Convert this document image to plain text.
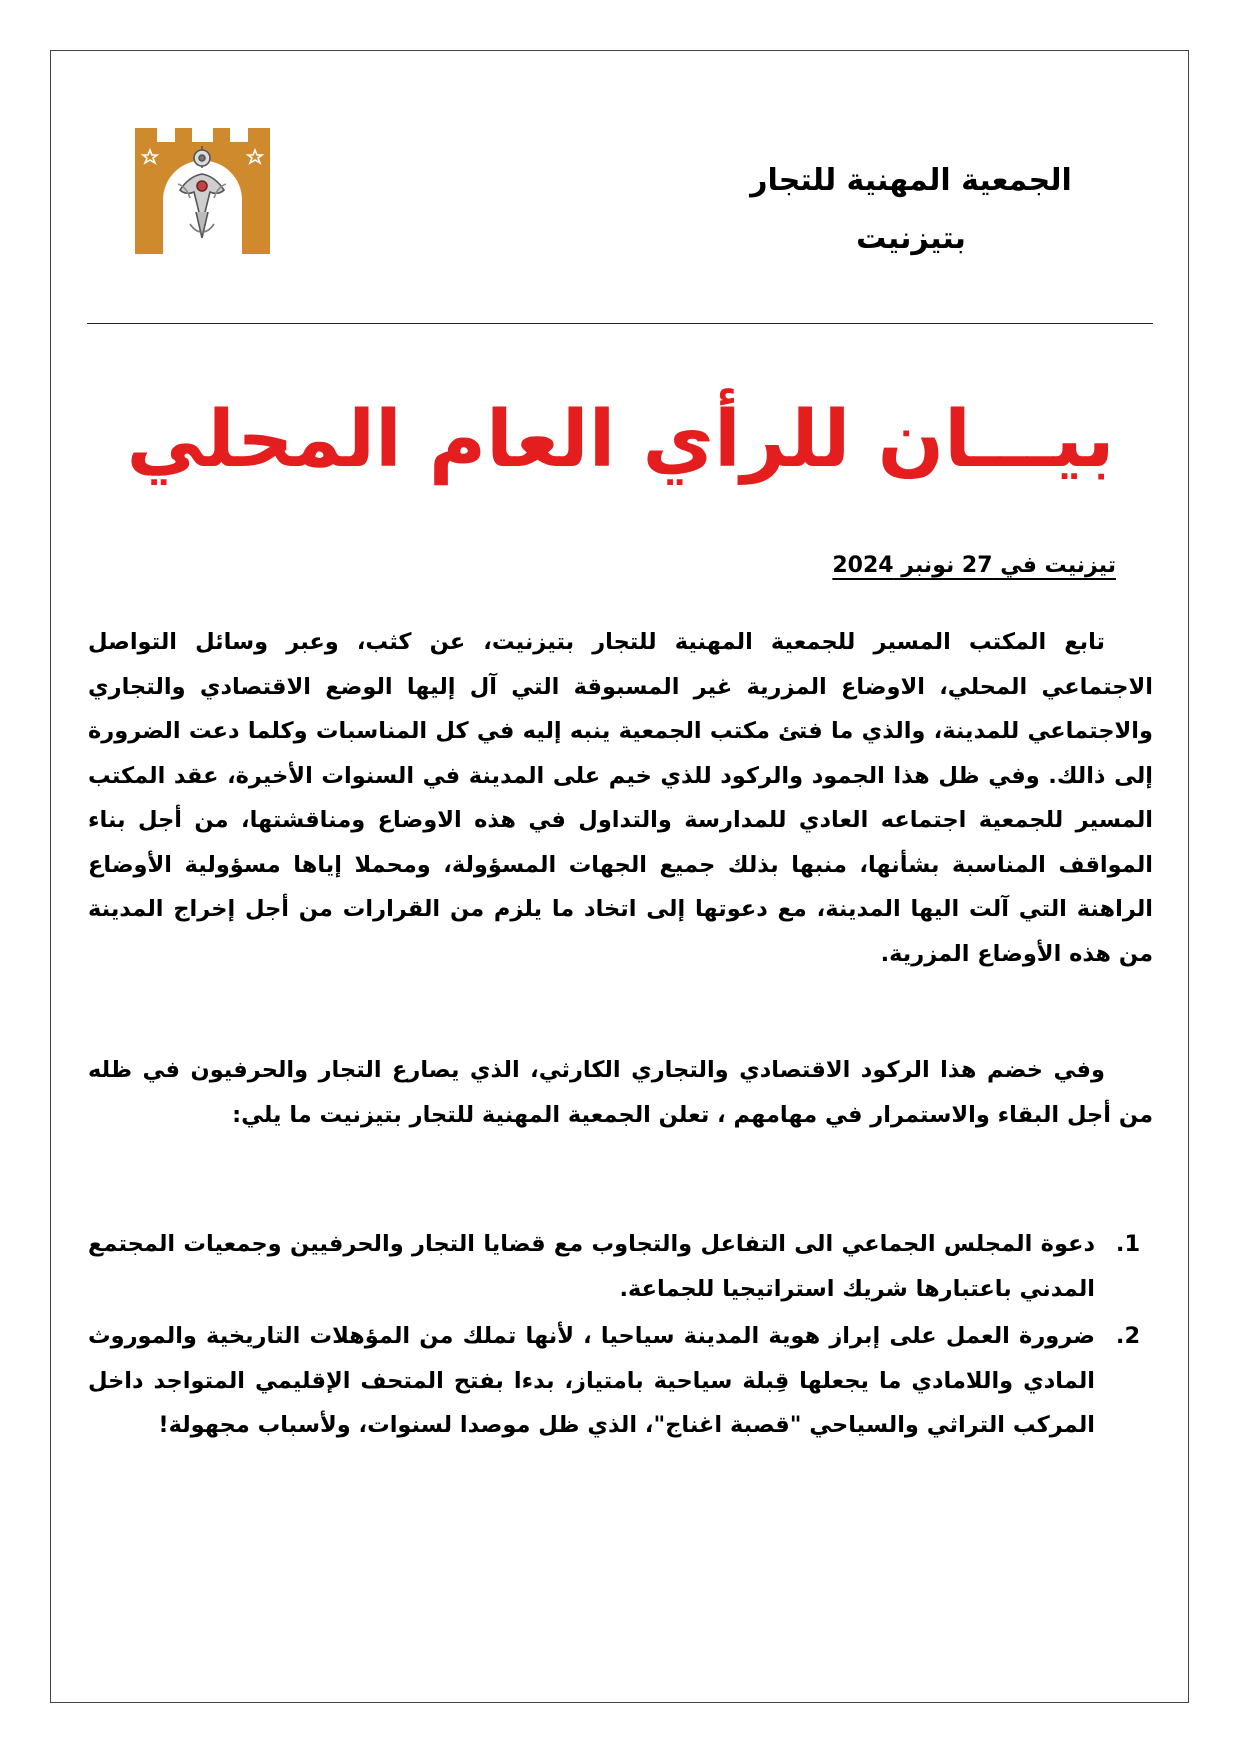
الجمعية المهنية للتجار
بتيزنيت
بيـــان للرأي العام المحلي
تيزنيت في 27 نونبر 2024
تابع المكتب المسير للجمعية المهنية للتجار بتيزنيت، عن كثب، وعبر وسائل التواصل الاجتماعي المحلي، الاوضاع المزرية غير المسبوقة التي آل إليها الوضع الاقتصادي والتجاري والاجتماعي للمدينة، والذي ما فتئ مكتب الجمعية ينبه إليه في كل المناسبات وكلما دعت الضرورة إلى ذالك. وفي ظل هذا الجمود والركود للذي خيم على المدينة في السنوات الأخيرة، عقد المكتب المسير للجمعية اجتماعه العادي للمدارسة والتداول في هذه الاوضاع ومناقشتها، من أجل بناء المواقف المناسبة بشأنها، منبها بذلك جميع الجهات المسؤولة، ومحملا إياها مسؤولية الأوضاع الراهنة التي آلت اليها المدينة، مع دعوتها إلى اتخاد ما يلزم من القرارات من أجل إخراج المدينة من هذه الأوضاع المزرية.
وفي خضم هذا الركود الاقتصادي والتجاري الكارثي، الذي يصارع التجار والحرفيون في ظله من أجل البقاء والاستمرار في مهامهم ، تعلن الجمعية المهنية للتجار بتيزنيت ما يلي:
1.
دعوة المجلس الجماعي الى التفاعل والتجاوب مع قضايا التجار والحرفيين وجمعيات المجتمع المدني باعتبارها شريك استراتيجيا للجماعة.
2.
ضرورة العمل على إبراز هوية المدينة سياحيا ، لأنها تملك من المؤهلات التاريخية والموروث المادي واللامادي ما يجعلها قِبلة سياحية بامتياز، بدءا بفتح المتحف الإقليمي المتواجد داخل المركب التراثي والسياحي "قصبة اغناج"، الذي ظل موصدا لسنوات، ولأسباب مجهولة!
